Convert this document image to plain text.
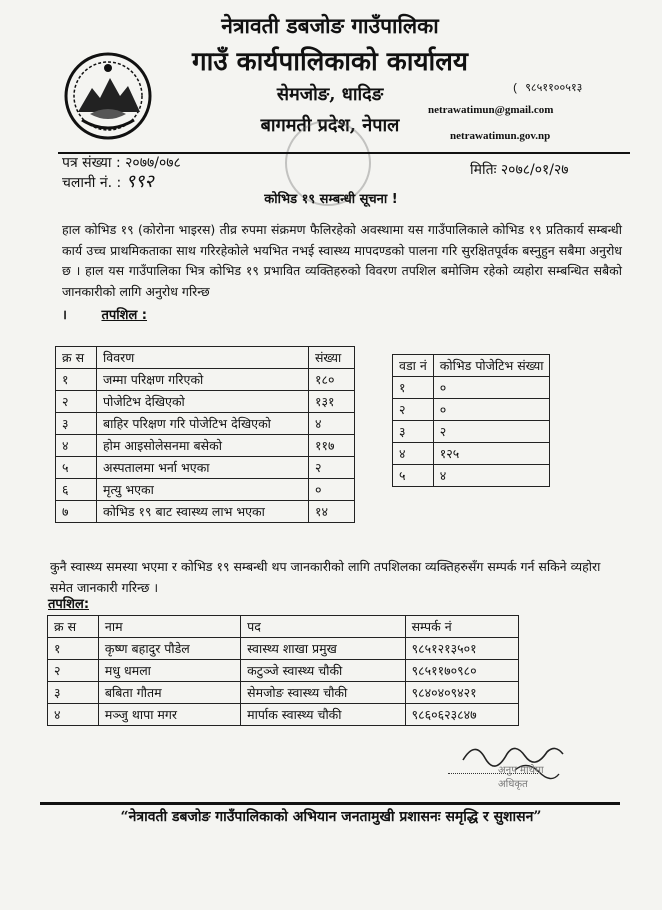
नेत्रावती डबजोङ गाउँपालिका
गाउँ कार्यपालिकाको कार्यालय
सेमजोङ, धादिङ
बागमती प्रदेश, नेपाल
( ९८५११००५१३
netrawatimun@gmail.com
netrawatimun.gov.np
पत्र संख्या : २०७७/०७८
चलानी नं. : ९९२
मितिः २०७८/०१/२७
कोभिड १९ सम्बन्धी सूचना !
हाल कोभिड १९ (कोरोना भाइरस) तीव्र रुपमा संक्रमण फैलिरहेको अवस्थामा यस गाउँपालिकाले कोभिड १९ प्रतिकार्य सम्बन्धी कार्य उच्च प्राथमिकताका साथ गरिरहेकोले भयभित नभई स्वास्थ्य मापदण्डको पालना गरि सुरक्षितपूर्वक बस्नुहुन सबैमा अनुरोध छ । हाल यस गाउँपालिका भित्र कोभिड १९ प्रभावित व्यक्तिहरुको विवरण तपशिल बमोजिम रहेको व्यहोरा सम्बन्धित सबैको जानकारीको लागि अनुरोध गरिन्छ
।	तपशिल :
क्र स	विवरण	संख्या
१	जम्मा परिक्षण गरिएको	१८०
२	पोजेटिभ देखिएको	१३१
३	बाहिर परिक्षण गरि पोजेटिभ देखिएको	४
४	होम आइसोलेसनमा बसेको	११७
५	अस्पतालमा भर्ना भएका	२
६	मृत्यु भएका	०
७	कोभिड १९ बाट स्वास्थ्य लाभ भएका	१४
वडा नं	कोभिड पोजेटिभ संख्या
१	०
२	०
३	२
४	१२५
५	४
कुनै स्वास्थ्य समस्या भएमा र कोभिड १९ सम्बन्धी थप जानकारीको लागि तपशिलका व्यक्तिहरुसँग सम्पर्क गर्न सकिने व्यहोरा समेत जानकारी गरिन्छ ।
तपशिल:
क्र स	नाम	पद	सम्पर्क नं
१	कृष्ण बहादुर पौडेल	स्वास्थ्य शाखा प्रमुख	९८५१२१३५०१
२	मधु धमला	कटुञ्जे स्वास्थ्य चौकी	९८५११७०९८०
३	बबिता गौतम	सेमजोङ स्वास्थ्य चौकी	९८४०४०९४२१
४	मञ्जु थापा मगर	मार्पाक स्वास्थ्य चौकी	९८६०६२३८४७
अनुप माथेमा
अधिकृत
“नेत्रावती डबजोङ गाउँपालिकाको अभियान जनतामुखी प्रशासनः समृद्धि र सुशासन”
